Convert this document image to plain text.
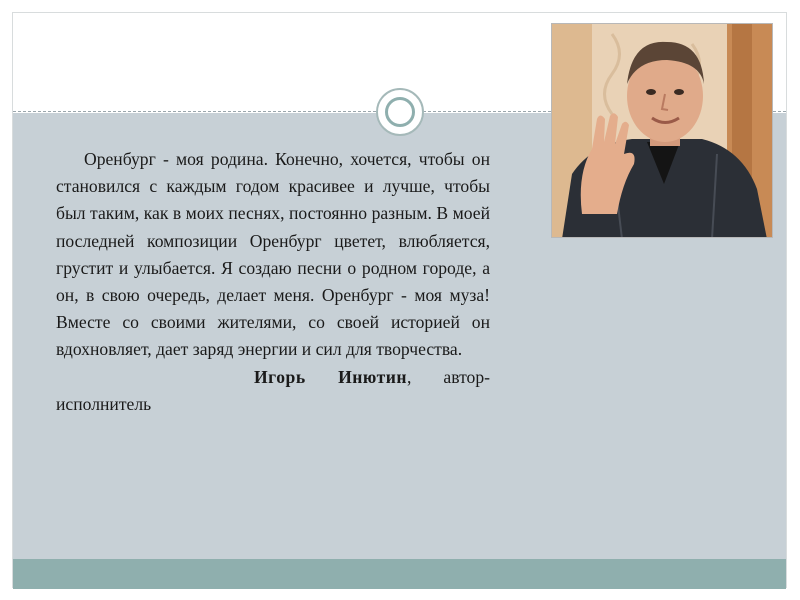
Оренбург - моя родина. Конечно, хочется, чтобы он становился с каждым годом красивее и лучше, чтобы был таким, как в моих песнях, постоянно разным. В моей последней композиции Оренбург цветет, влюбляется, грустит и улыбается. Я создаю песни о родном городе, а он, в свою очередь, делает меня. Оренбург - моя муза! Вместе со своими жителями, со своей историей он вдохновляет, дает заряд энергии и сил для творчества.

Игорь Инютин, автор-исполнитель
